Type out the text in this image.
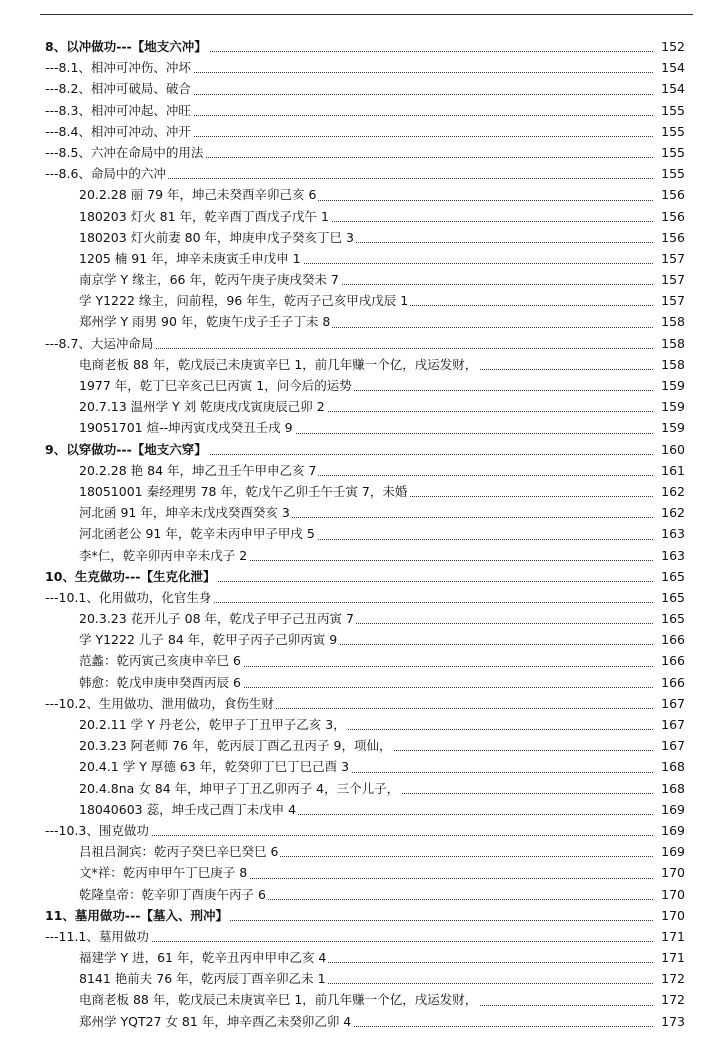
8、以冲做功---【地支六冲】	152
---8.1、相冲可冲伤、冲坏	154
---8.2、相冲可破局、破合	154
---8.3、相冲可冲起、冲旺	155
---8.4、相冲可冲动、冲开	155
---8.5、六冲在命局中的用法	155
---8.6、命局中的六冲	155
20.2.28 丽 79 年，坤己未癸酉辛卯己亥 6	156
180203 灯火 81 年，乾辛酉丁酉戊子戊午 1	156
180203 灯火前妻 80 年，坤庚申戊子癸亥丁巳 3	156
1205 楠 91 年，坤辛未庚寅壬申戊申 1	157
南京学 Y 缘主，66 年，乾丙午庚子庚戌癸未 7	157
学 Y1222 缘主，问前程，96 年生，乾丙子己亥甲戌戊辰 1	157
郑州学 Y 雨男 90 年，乾庚午戊子壬子丁未 8	158
---8.7、大运冲命局	158
电商老板 88 年，乾戊辰己未庚寅辛巳 1，前几年赚一个亿，戌运发财，	158
1977 年，乾丁巳辛亥己巳丙寅 1，问今后的运势	159
20.7.13 温州学 Y 刘 乾庚戌戊寅庚辰己卯 2	159
19051701 煊--坤丙寅戊戌癸丑壬戌 9	159
9、以穿做功---【地支六穿】	160
20.2.28 艳 84 年，坤乙丑壬午甲申乙亥 7	161
18051001 秦经理男 78 年，乾戊午乙卯壬午壬寅 7，未婚	162
河北函 91 年，坤辛未戊戌癸酉癸亥 3	162
河北函老公 91 年，乾辛未丙申甲子甲戌 5	163
李*仁，乾辛卯丙申辛未戊子 2	163
10、生克做功---【生克化泄】	165
---10.1、化用做功，化官生身	165
20.3.23 花开儿子 08 年，乾戊子甲子己丑丙寅 7	165
学 Y1222 儿子 84 年，乾甲子丙子己卯丙寅 9	166
范蠡：乾丙寅己亥庚申辛巳 6	166
韩愈：乾戊申庚申癸酉丙辰 6	166
---10.2、生用做功、泄用做功，食伤生财	167
20.2.11 学 Y 丹老公，乾甲子丁丑甲子乙亥 3，	167
20.3.23 阿老师 76 年，乾丙辰丁酉乙丑丙子 9，项仙，	167
20.4.1 学 Y 厚德 63 年，乾癸卯丁巳丁巳己酉 3	168
20.4.8na 女 84 年，坤甲子丁丑乙卯丙子 4，三个儿子，	168
18040603 蕊，坤壬戌己酉丁未戊申 4	169
---10.3、围克做功	169
吕祖吕洞宾：乾丙子癸巳辛巳癸巳 6	169
文*祥：乾丙申甲午丁巳庚子 8	170
乾隆皇帝：乾辛卯丁酉庚午丙子 6	170
11、墓用做功---【墓入、刑冲】	170
---11.1、墓用做功	171
福建学 Y 进，61 年，乾辛丑丙申甲申乙亥 4	171
8141 艳前夫 76 年，乾丙辰丁酉辛卯乙未 1	172
电商老板 88 年，乾戊辰己未庚寅辛巳 1，前几年赚一个亿，戌运发财，	172
郑州学 YQT27 女 81 年，坤辛酉乙未癸卯乙卯 4	173
